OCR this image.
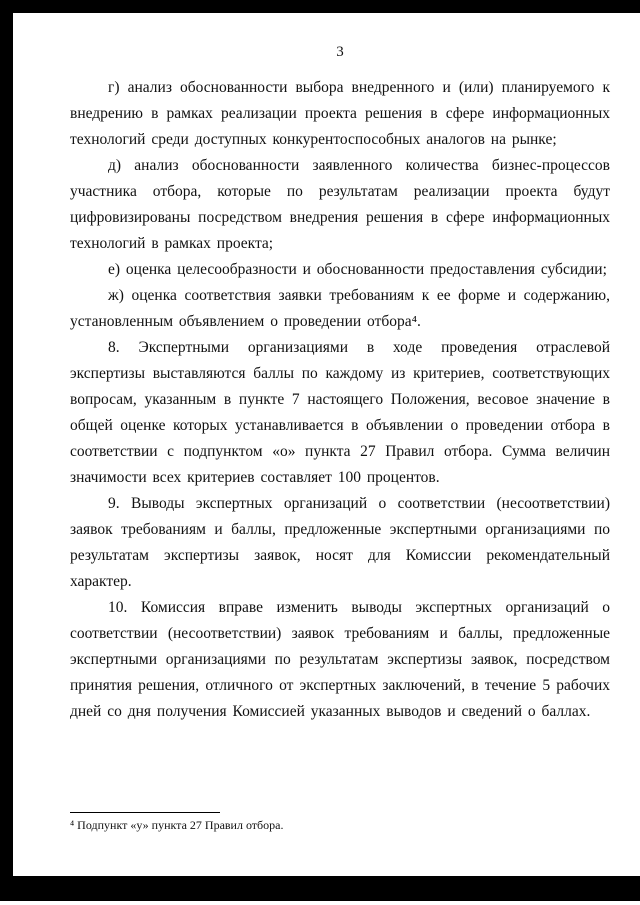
3

г) анализ обоснованности выбора внедренного и (или) планируемого к внедрению в рамках реализации проекта решения в сфере информационных технологий среди доступных конкурентоспособных аналогов на рынке;

д) анализ обоснованности заявленного количества бизнес-процессов участника отбора, которые по результатам реализации проекта будут цифровизированы посредством внедрения решения в сфере информационных технологий в рамках проекта;

е) оценка целесообразности и обоснованности предоставления субсидии;

ж) оценка соответствия заявки требованиям к ее форме и содержанию, установленным объявлением о проведении отбора⁴.

8. Экспертными организациями в ходе проведения отраслевой экспертизы выставляются баллы по каждому из критериев, соответствующих вопросам, указанным в пункте 7 настоящего Положения, весовое значение в общей оценке которых устанавливается в объявлении о проведении отбора в соответствии с подпунктом «о» пункта 27 Правил отбора. Сумма величин значимости всех критериев составляет 100 процентов.

9. Выводы экспертных организаций о соответствии (несоответствии) заявок требованиям и баллы, предложенные экспертными организациями по результатам экспертизы заявок, носят для Комиссии рекомендательный характер.

10. Комиссия вправе изменить выводы экспертных организаций о соответствии (несоответствии) заявок требованиям и баллы, предложенные экспертными организациями по результатам экспертизы заявок, посредством принятия решения, отличного от экспертных заключений, в течение 5 рабочих дней со дня получения Комиссией указанных выводов и сведений о баллах.

⁴ Подпункт «у» пункта 27 Правил отбора.
